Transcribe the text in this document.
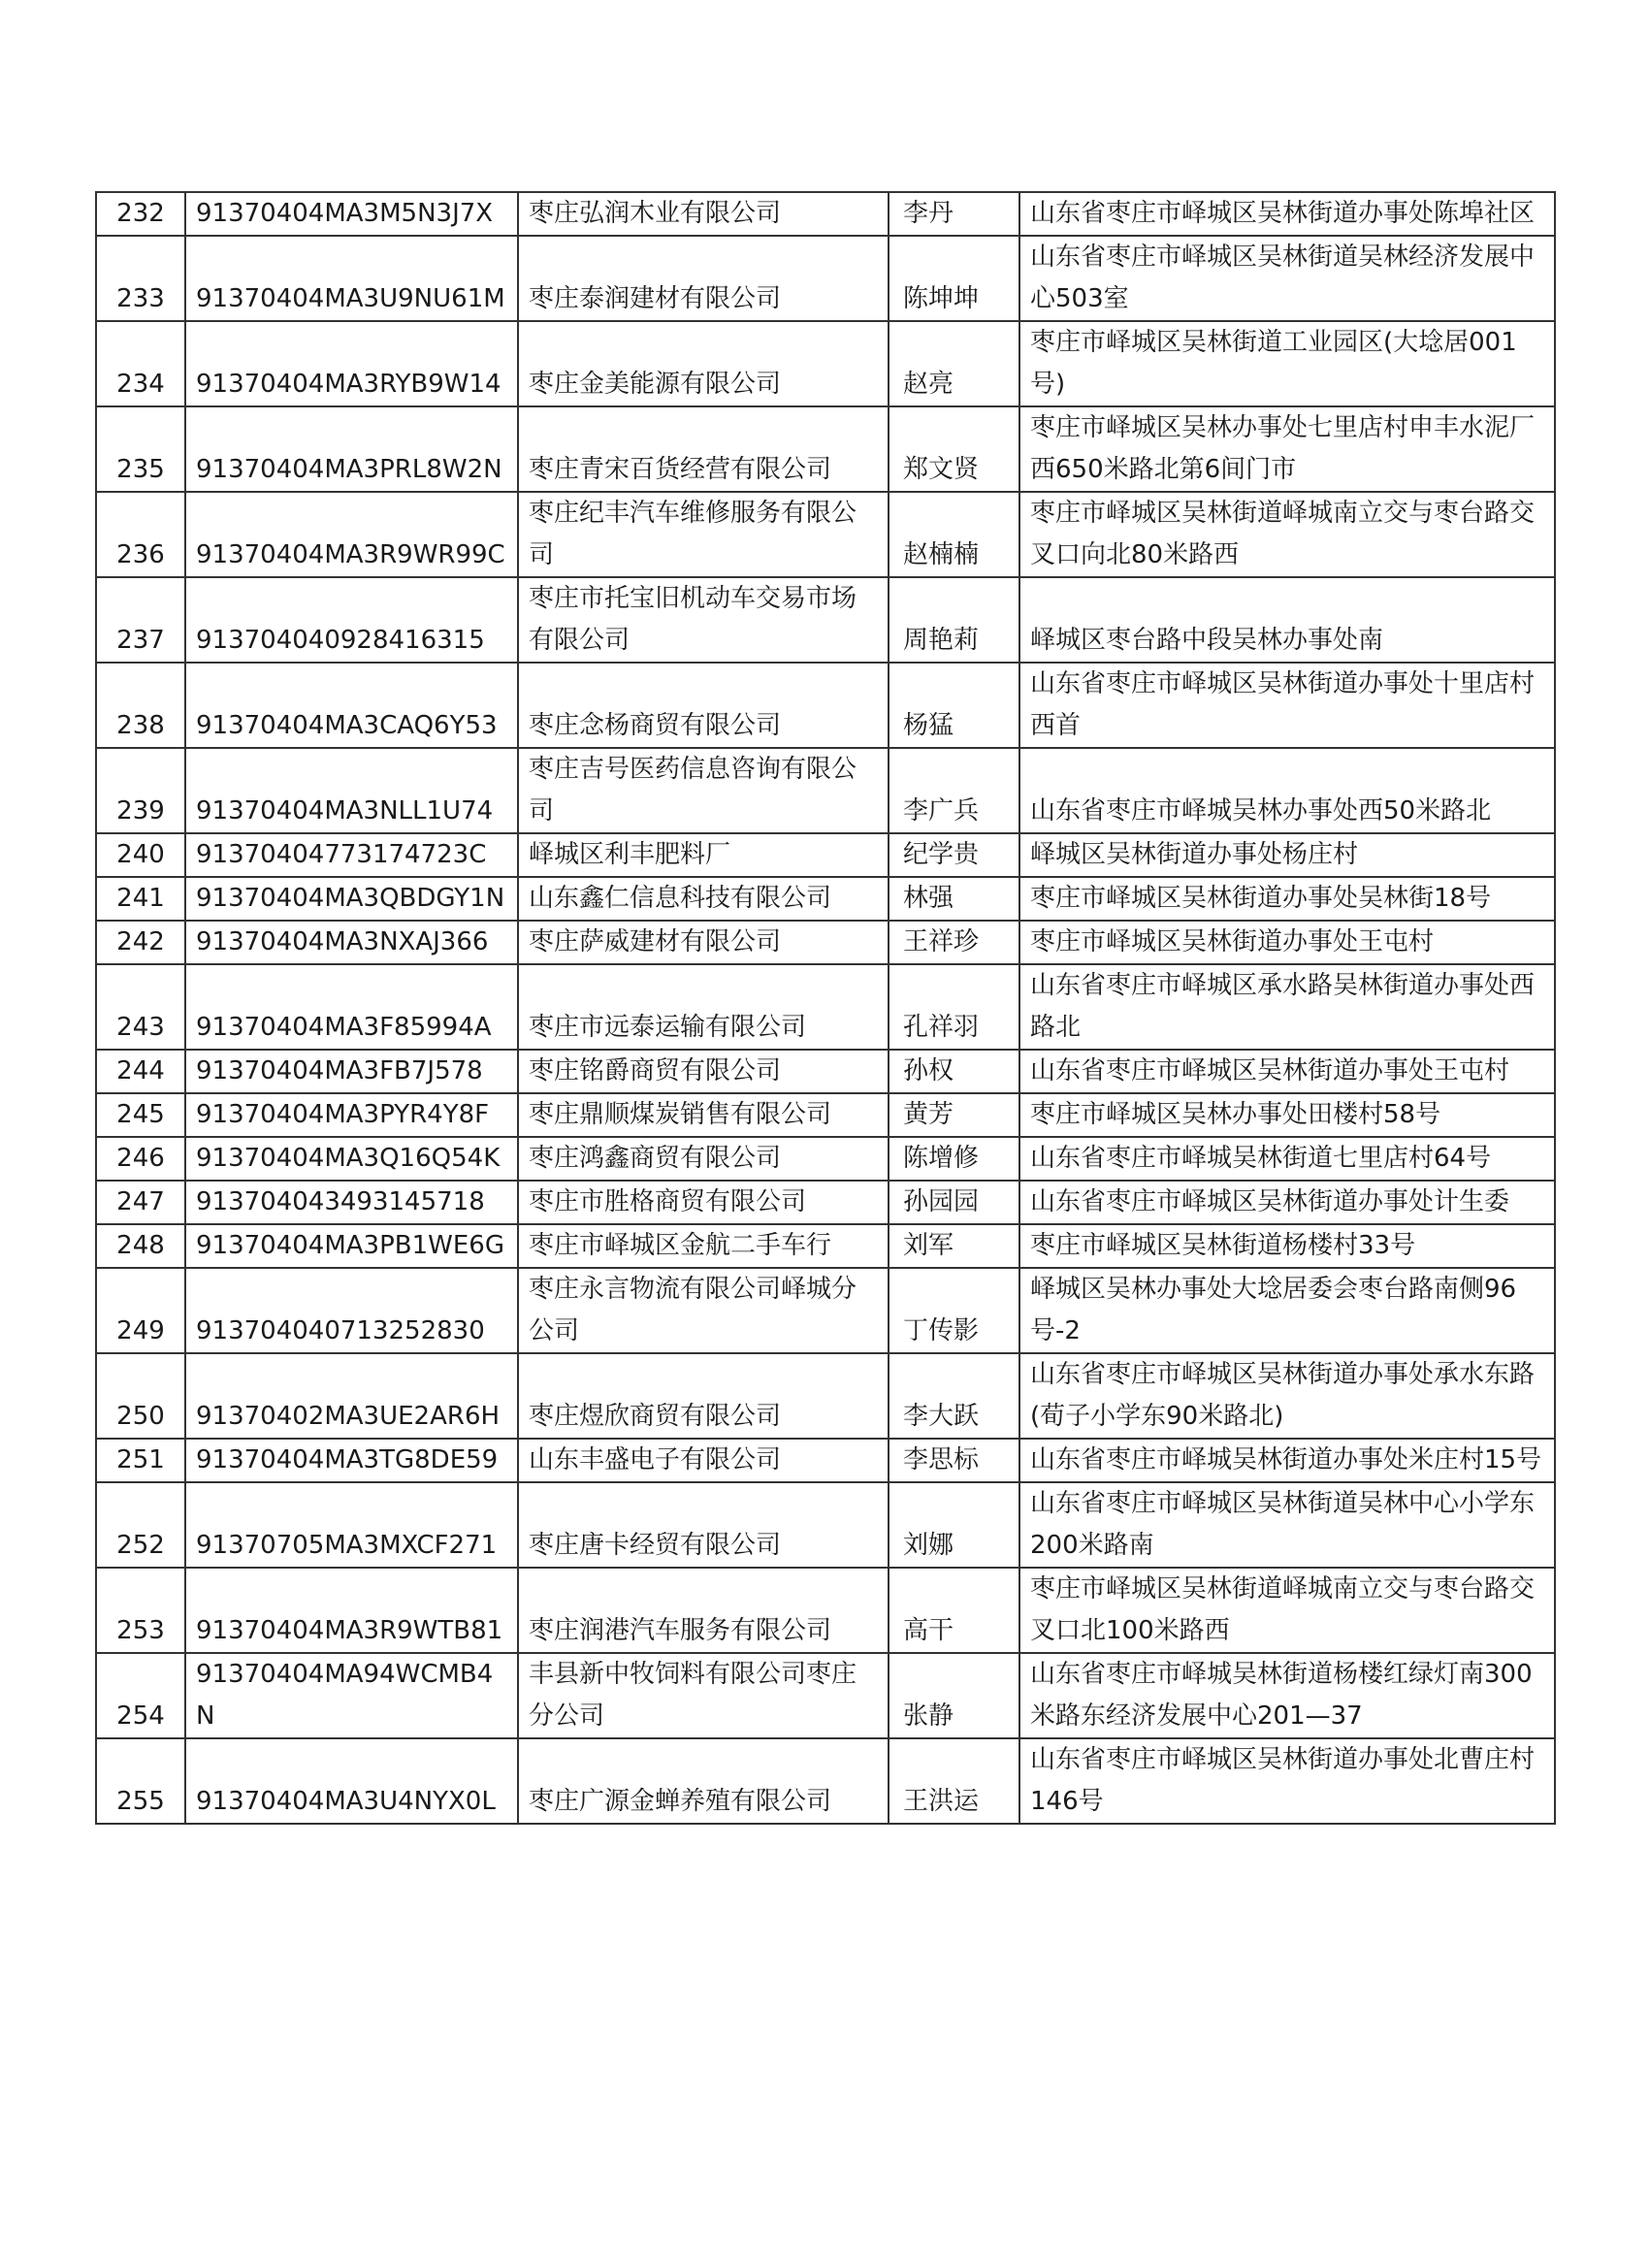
232	91370404MA3M5N3J7X	枣庄弘润木业有限公司	李丹	山东省枣庄市峄城区吴林街道办事处陈埠社区
233	91370404MA3U9NU61M	枣庄泰润建材有限公司	陈坤坤	山东省枣庄市峄城区吴林街道吴林经济发展中心503室
234	91370404MA3RYB9W14	枣庄金美能源有限公司	赵亮	枣庄市峄城区吴林街道工业园区(大埝居001号)
235	91370404MA3PRL8W2N	枣庄青宋百货经营有限公司	郑文贤	枣庄市峄城区吴林办事处七里店村申丰水泥厂西650米路北第6间门市
236	91370404MA3R9WR99C	枣庄纪丰汽车维修服务有限公司	赵楠楠	枣庄市峄城区吴林街道峄城南立交与枣台路交叉口向北80米路西
237	913704040928416315	枣庄市托宝旧机动车交易市场有限公司	周艳莉	峄城区枣台路中段吴林办事处南
238	91370404MA3CAQ6Y53	枣庄念杨商贸有限公司	杨猛	山东省枣庄市峄城区吴林街道办事处十里店村西首
239	91370404MA3NLL1U74	枣庄吉号医药信息咨询有限公司	李广兵	山东省枣庄市峄城吴林办事处西50米路北
240	91370404773174723C	峄城区利丰肥料厂	纪学贵	峄城区吴林街道办事处杨庄村
241	91370404MA3QBDGY1N	山东鑫仁信息科技有限公司	林强	枣庄市峄城区吴林街道办事处吴林街18号
242	91370404MA3NXAJ366	枣庄萨威建材有限公司	王祥珍	枣庄市峄城区吴林街道办事处王屯村
243	91370404MA3F85994A	枣庄市远泰运输有限公司	孔祥羽	山东省枣庄市峄城区承水路吴林街道办事处西路北
244	91370404MA3FB7J578	枣庄铭爵商贸有限公司	孙权	山东省枣庄市峄城区吴林街道办事处王屯村
245	91370404MA3PYR4Y8F	枣庄鼎顺煤炭销售有限公司	黄芳	枣庄市峄城区吴林办事处田楼村58号
246	91370404MA3Q16Q54K	枣庄鸿鑫商贸有限公司	陈增修	山东省枣庄市峄城吴林街道七里店村64号
247	913704043493145718	枣庄市胜格商贸有限公司	孙园园	山东省枣庄市峄城区吴林街道办事处计生委
248	91370404MA3PB1WE6G	枣庄市峄城区金航二手车行	刘军	枣庄市峄城区吴林街道杨楼村33号
249	913704040713252830	枣庄永言物流有限公司峄城分公司	丁传影	峄城区吴林办事处大埝居委会枣台路南侧96号-2
250	91370402MA3UE2AR6H	枣庄煜欣商贸有限公司	李大跃	山东省枣庄市峄城区吴林街道办事处承水东路(荀子小学东90米路北)
251	91370404MA3TG8DE59	山东丰盛电子有限公司	李思标	山东省枣庄市峄城吴林街道办事处米庄村15号
252	91370705MA3MXCF271	枣庄唐卡经贸有限公司	刘娜	山东省枣庄市峄城区吴林街道吴林中心小学东200米路南
253	91370404MA3R9WTB81	枣庄润港汽车服务有限公司	高干	枣庄市峄城区吴林街道峄城南立交与枣台路交叉口北100米路西
254	91370404MA94WCMB4N	丰县新中牧饲料有限公司枣庄分公司	张静	山东省枣庄市峄城吴林街道杨楼红绿灯南300米路东经济发展中心201—37
255	91370404MA3U4NYX0L	枣庄广源金蝉养殖有限公司	王洪运	山东省枣庄市峄城区吴林街道办事处北曹庄村146号
